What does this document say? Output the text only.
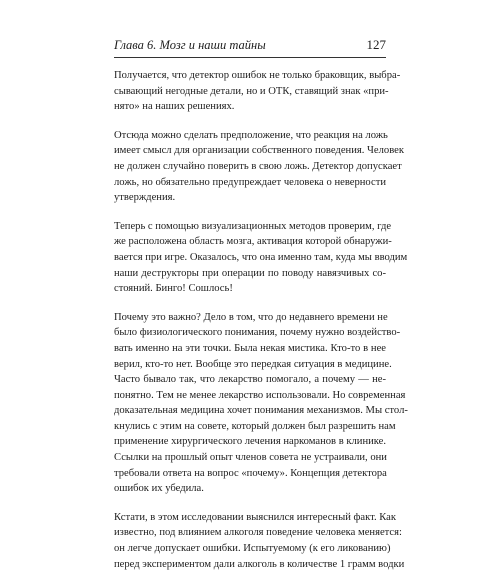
Глава 6. Мозг и наши тайны	127

Получается, что детектор ошибок не только браковщик, выбра-
сывающий негодные детали, но и ОТК, ставящий знак «при-
нято» на наших решениях.

Отсюда можно сделать предположение, что реакция на ложь
имеет смысл для организации собственного поведения. Человек
не должен случайно поверить в свою ложь. Детектор допускает
ложь, но обязательно предупреждает человека о неверности
утверждения.

Теперь с помощью визуализационных методов проверим, где
же расположена область мозга, активация которой обнаружи-
вается при игре. Оказалось, что она именно там, куда мы вводим
наши деструкторы при операции по поводу навязчивых со-
стояний. Бинго! Сошлось!

Почему это важно? Дело в том, что до недавнего времени не
было физиологического понимания, почему нужно воздейство-
вать именно на эти точки. Была некая мистика. Кто-то в нее
верил, кто-то нет. Вообще это передкая ситуация в медицине.
Часто бывало так, что лекарство помогало, а почему — не-
понятно. Тем не менее лекарство использовали. Но современная
доказательная медицина хочет понимания механизмов. Мы стол-
кнулись с этим на совете, который должен был разрешить нам
применение хирургического лечения наркоманов в клинике.
Ссылки на прошлый опыт членов совета не устраивали, они
требовали ответа на вопрос «почему». Концепция детектора
ошибок их убедила.

Кстати, в этом исследовании выяснился интересный факт. Как
известно, под влиянием алкоголя поведение человека меняется:
он легче допускает ошибки. Испытуемому (к его ликованию)
перед экспериментом дали алкоголь в количестве 1 грамм водки
